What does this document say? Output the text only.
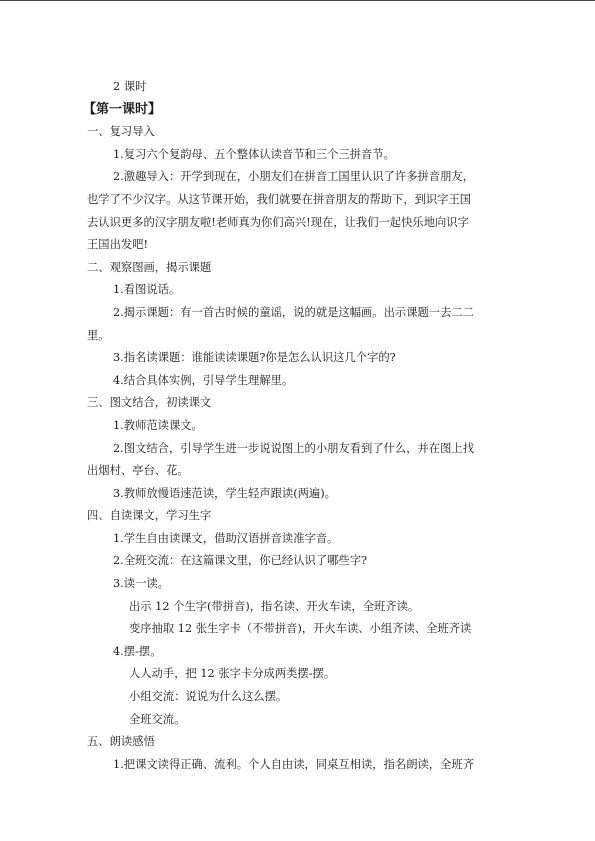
2 课时
【第一课时】
一、复习导入
1.复习六个复韵母、五个整体认读音节和三个三拼音节。
2.激趣导入：开学到现在，小朋友们在拼音工国里认识了许多拼音朋友，
也学了不少汉字。从这节课开始，我们就要在拼音朋友的帮助下，到识字王国
去认识更多的汉字朋友啦!老师真为你们高兴!现在，让我们一起快乐地向识字
王国出发吧!
二、观察图画，揭示课题
1.看图说话。
2.揭示课题：有一首古时候的童谣，说的就是这幅画。出示课题一去二二
里。
3.指名读课题：谁能读读课题?你是怎么认识这几个字的?
4.结合具体实例，引导学生理解里。
三、图文结合，初读课文
1.教师范读课文。
2.图文结合，引导学生进一步说说图上的小朋友看到了什么，并在图上找
出烟村、亭台、花。
3.教师放慢语速范读，学生轻声跟读(两遍)。
四、自读课文，学习生字
1.学生自由读课文，借助汉语拼音读准字音。
2.全班交流：在这篇课文里，你已经认识了哪些字?
3.读一读。
出示 12 个生字(带拼音)，指名读、开火车读，全班齐读。
变序抽取 12 张生字卡（不带拼音)，开火车读、小组齐读、全班齐读
4.摆-摆。
人人动手，把 12 张字卡分成两类摆-摆。
小组交流：说说为什么这么摆。
全班交流。
五、朗读感悟
1.把课文读得正确、流利。个人自由读，同桌互相读，指名朗读，全班齐
